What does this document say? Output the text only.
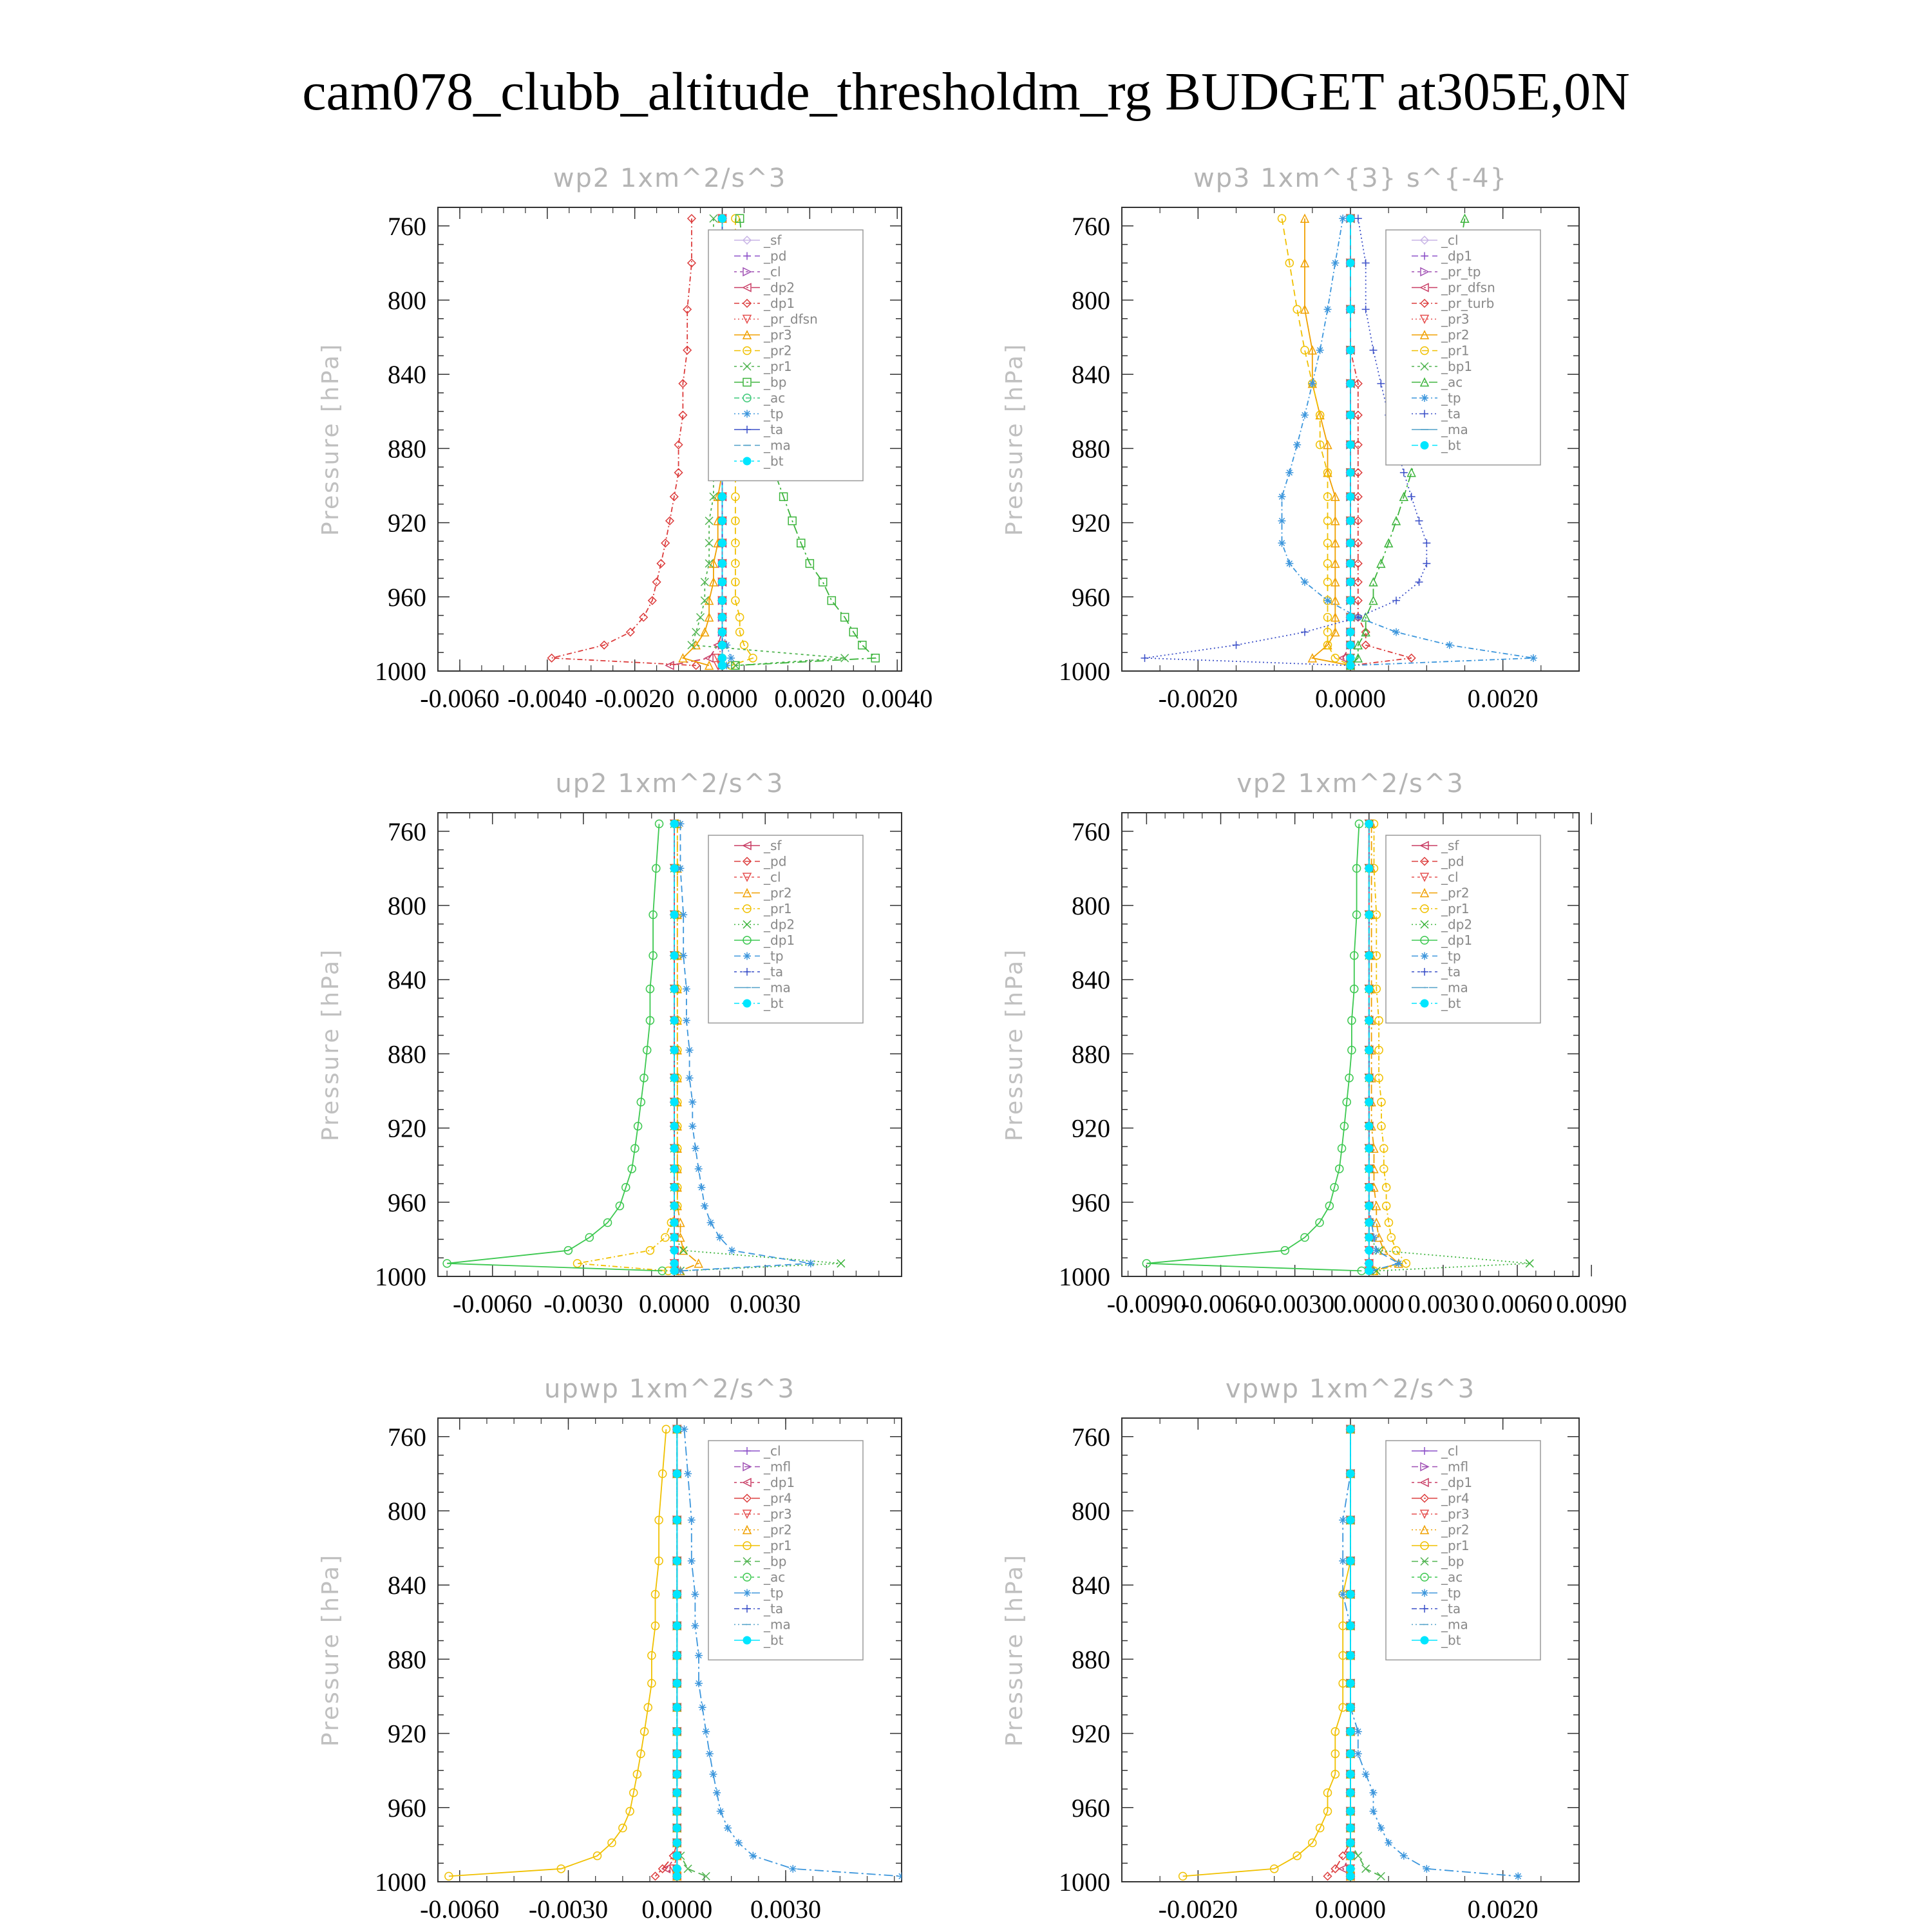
cam078_clubb_altitude_thresholdm_rg BUDGET at305E,0N
wp2 1xm^2/s^3
Pressure [hPa]
760
800
840
880
920
960
1000
-0.0060 -0.0040 -0.0020 0.0000 0.0020 0.0040
_sf
_pd
_cl
_dp2
_dp1
_pr_dfsn
_pr3
_pr2
_pr1
_bp
_ac
_tp
_ta
_ma
_bt
wp3 1xm^{3} s^{-4}
Pressure [hPa]
760
800
840
880
920
960
1000
-0.0020	0.0000	0.0020
_cl
_dp1
_pr_tp
_pr_dfsn
_pr_turb
_pr3
_pr2
_pr1
_bp1
_ac
_tp
_ta
_ma
_bt
up2 1xm^2/s^3
Pressure [hPa]
760
800
840
880
920
960
1000
-0.0060 -0.0030 0.0000 0.0030
_sf
_pd
_cl
_pr2
_pr1
_dp2
_dp1
_tp
_ta
_ma
_bt
vp2 1xm^2/s^3
Pressure [hPa]
760
800
840
880
920
960
1000
-0.0090
-0.0060
-0.0030
0.0000 0.0030 0.0060 0.0090
_sf
_pd
_cl
_pr2
_pr1
_dp2
_dp1
_tp
_ta
_ma
_bt
upwp 1xm^2/s^3
Pressure [hPa]
760
800
840
880
920
960
1000
-0.0060 -0.0030 0.0000 0.0030
_cl
_mfl
_dp1
_pr4
_pr3
_pr2
_pr1
_bp
_ac
_tp
_ta
_ma
_bt
vpwp 1xm^2/s^3
Pressure [hPa]
760
800
840
880
920
960
1000
-0.0020	0.0000	0.0020
_cl
_mfl
_dp1
_pr4
_pr3
_pr2
_pr1
_bp
_ac
_tp
_ta
_ma
_bt
